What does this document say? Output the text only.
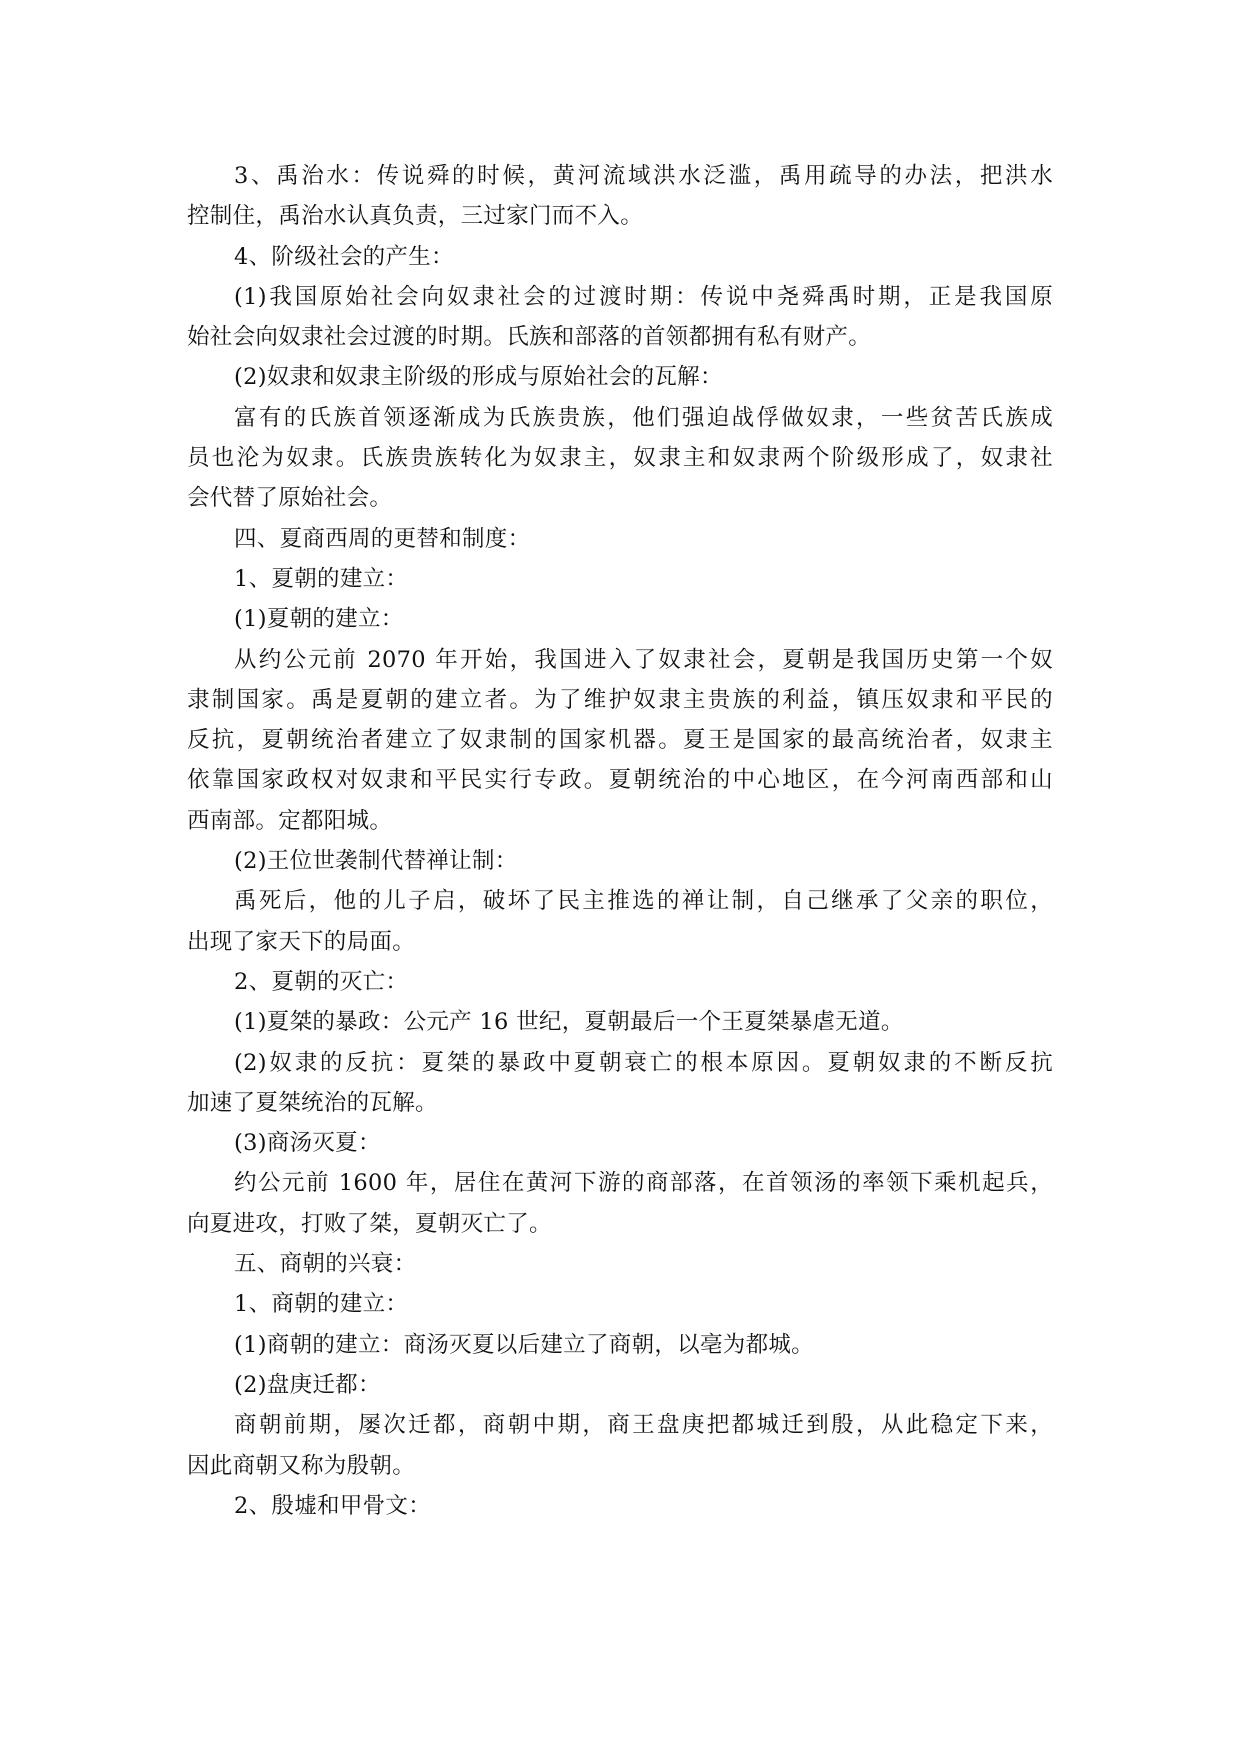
3、禹治水：传说舜的时候，黄河流域洪水泛滥，禹用疏导的办法，把洪水
控制住，禹治水认真负责，三过家门而不入。
4、阶级社会的产生：
(1)我国原始社会向奴隶社会的过渡时期：传说中尧舜禹时期，正是我国原
始社会向奴隶社会过渡的时期。氏族和部落的首领都拥有私有财产。
(2)奴隶和奴隶主阶级的形成与原始社会的瓦解：
富有的氏族首领逐渐成为氏族贵族，他们强迫战俘做奴隶，一些贫苦氏族成
员也沦为奴隶。氏族贵族转化为奴隶主，奴隶主和奴隶两个阶级形成了，奴隶社
会代替了原始社会。
四、夏商西周的更替和制度：
1、夏朝的建立：
(1)夏朝的建立：
从约公元前 2070 年开始，我国进入了奴隶社会，夏朝是我国历史第一个奴
隶制国家。禹是夏朝的建立者。为了维护奴隶主贵族的利益，镇压奴隶和平民的
反抗，夏朝统治者建立了奴隶制的国家机器。夏王是国家的最高统治者，奴隶主
依靠国家政权对奴隶和平民实行专政。夏朝统治的中心地区，在今河南西部和山
西南部。定都阳城。
(2)王位世袭制代替禅让制：
禹死后，他的儿子启，破坏了民主推选的禅让制，自己继承了父亲的职位，
出现了家天下的局面。
2、夏朝的灭亡：
(1)夏桀的暴政：公元产 16 世纪，夏朝最后一个王夏桀暴虐无道。
(2)奴隶的反抗：夏桀的暴政中夏朝衰亡的根本原因。夏朝奴隶的不断反抗
加速了夏桀统治的瓦解。
(3)商汤灭夏：
约公元前 1600 年，居住在黄河下游的商部落，在首领汤的率领下乘机起兵，
向夏进攻，打败了桀，夏朝灭亡了。
五、商朝的兴衰：
1、商朝的建立：
(1)商朝的建立：商汤灭夏以后建立了商朝，以亳为都城。
(2)盘庚迁都：
商朝前期，屡次迁都，商朝中期，商王盘庚把都城迁到殷，从此稳定下来，
因此商朝又称为殷朝。
2、殷墟和甲骨文：
